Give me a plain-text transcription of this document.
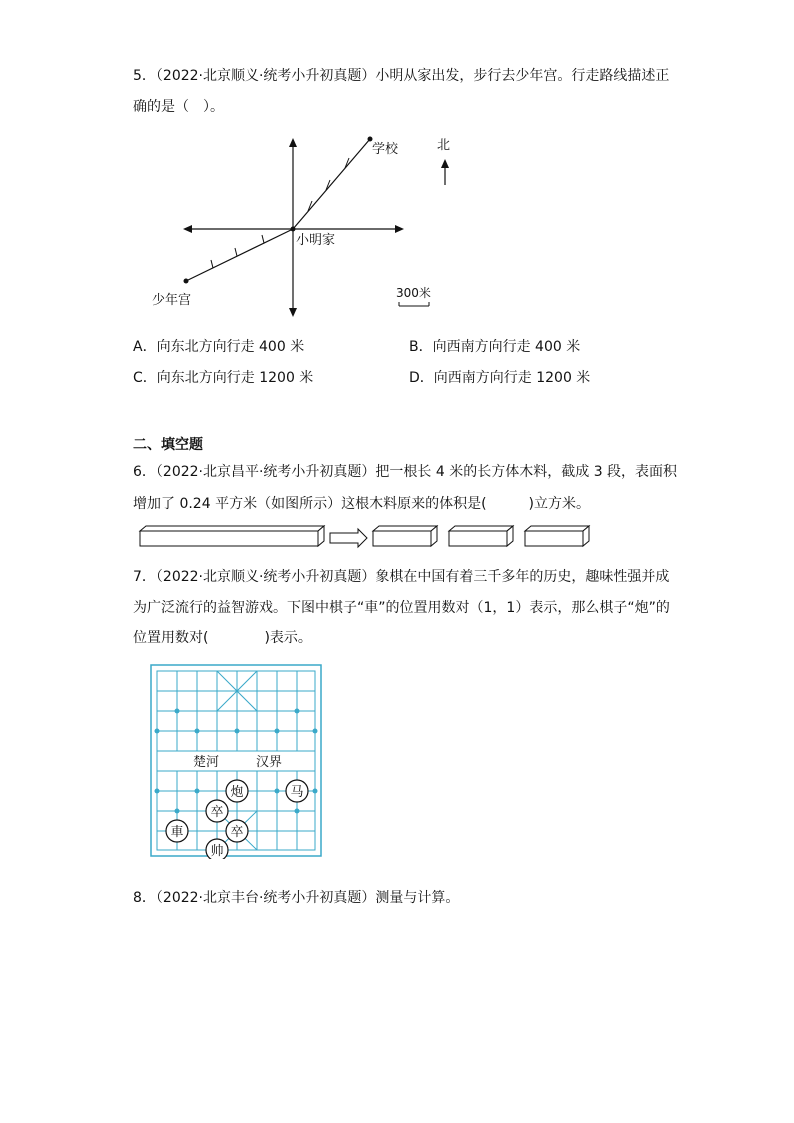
5．（2022·北京顺义·统考小升初真题）小明从家出发，步行去少年宫。行走路线描述正
确的是（　）。
学校	北
小明家
少年宫	300米
A．向东北方向行走 400 米	B．向西南方向行走 400 米
C．向东北方向行走 1200 米	D．向西南方向行走 1200 米
二、填空题
6．（2022·北京昌平·统考小升初真题）把一根长 4 米的长方体木料，截成 3 段，表面积
增加了 0.24 平方米（如图所示）这根木料原来的体积是(　　　)立方米。
7．（2022·北京顺义·统考小升初真题）象棋在中国有着三千多年的历史，趣味性强并成
为广泛流行的益智游戏。下图中棋子“車”的位置用数对（1，1）表示，那么棋子“炮”的
位置用数对(　　　　)表示。
楚河	汉界
炮	马
卒
卒
車
帅
8．（2022·北京丰台·统考小升初真题）测量与计算。
